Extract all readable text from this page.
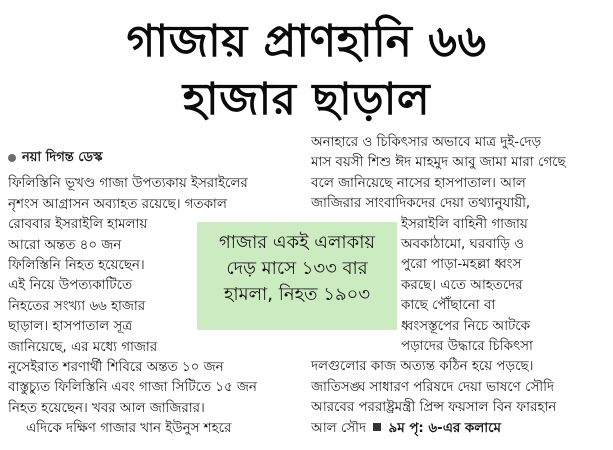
গাজায় প্রাণহানি ৬৬
হাজার ছাড়াল
নয়া দিগন্ত ডেস্ক
ফিলিস্তিনি ভূখণ্ড গাজা উপত্যকায় ইসরাইলের
নৃশংস আগ্রাসন অব্যাহত রয়েছে। গতকাল
রোববার ইসরাইলি হামলায়
আরো অন্তত ৪০ জন
ফিলিস্তিনি নিহত হয়েছেন।
এই নিয়ে উপত্যকাটিতে
নিহতের সংখ্যা ৬৬ হাজার
ছাড়াল। হাসপাতাল সূত্র
জানিয়েছে, এর মধ্যে গাজার
নুসেইরাত শরণার্থী শিবিরে অন্তত ১০ জন
বাস্তুচ্যুত ফিলিস্তিনি এবং গাজা সিটিতে ১৫ জন
নিহত হয়েছেন। খবর আল জাজিরার।
এদিকে দক্ষিণ গাজার খান ইউনুস শহরে
অনাহারে ও চিকিৎসার অভাবে মাত্র দুই-দেড়
মাস বয়সী শিশু ঈদ মাহমুদ আবু জামা মারা গেছে
বলে জানিয়েছে নাসের হাসপাতাল। আল
জাজিরার সাংবাদিকদের দেয়া তথ্যানুযায়ী,
ইসরাইলি বাহিনী গাজায়
অবকাঠামো, ঘরবাড়ি ও
পুরো পাড়া-মহল্লা ধ্বংস
করছে। এতে আহতদের
কাছে পৌঁছানো বা
ধ্বংসস্তূপের নিচে আটকে
পড়াদের উদ্ধারে চিকিৎসা
দলগুলোর কাজ অত্যন্ত কঠিন হয়ে পড়ছে।
জাতিসঙ্ঘ সাধারণ পরিষদে দেয়া ভাষণে সৌদি
আরবের পররাষ্ট্রমন্ত্রী প্রিন্স ফয়সাল বিন ফারহান
আল সৌদ ৯ম পৃ: ৬-এর কলামে
গাজার একই এলাকায়
দেড় মাসে ১৩৩ বার
হামলা, নিহত ১৯০৩
